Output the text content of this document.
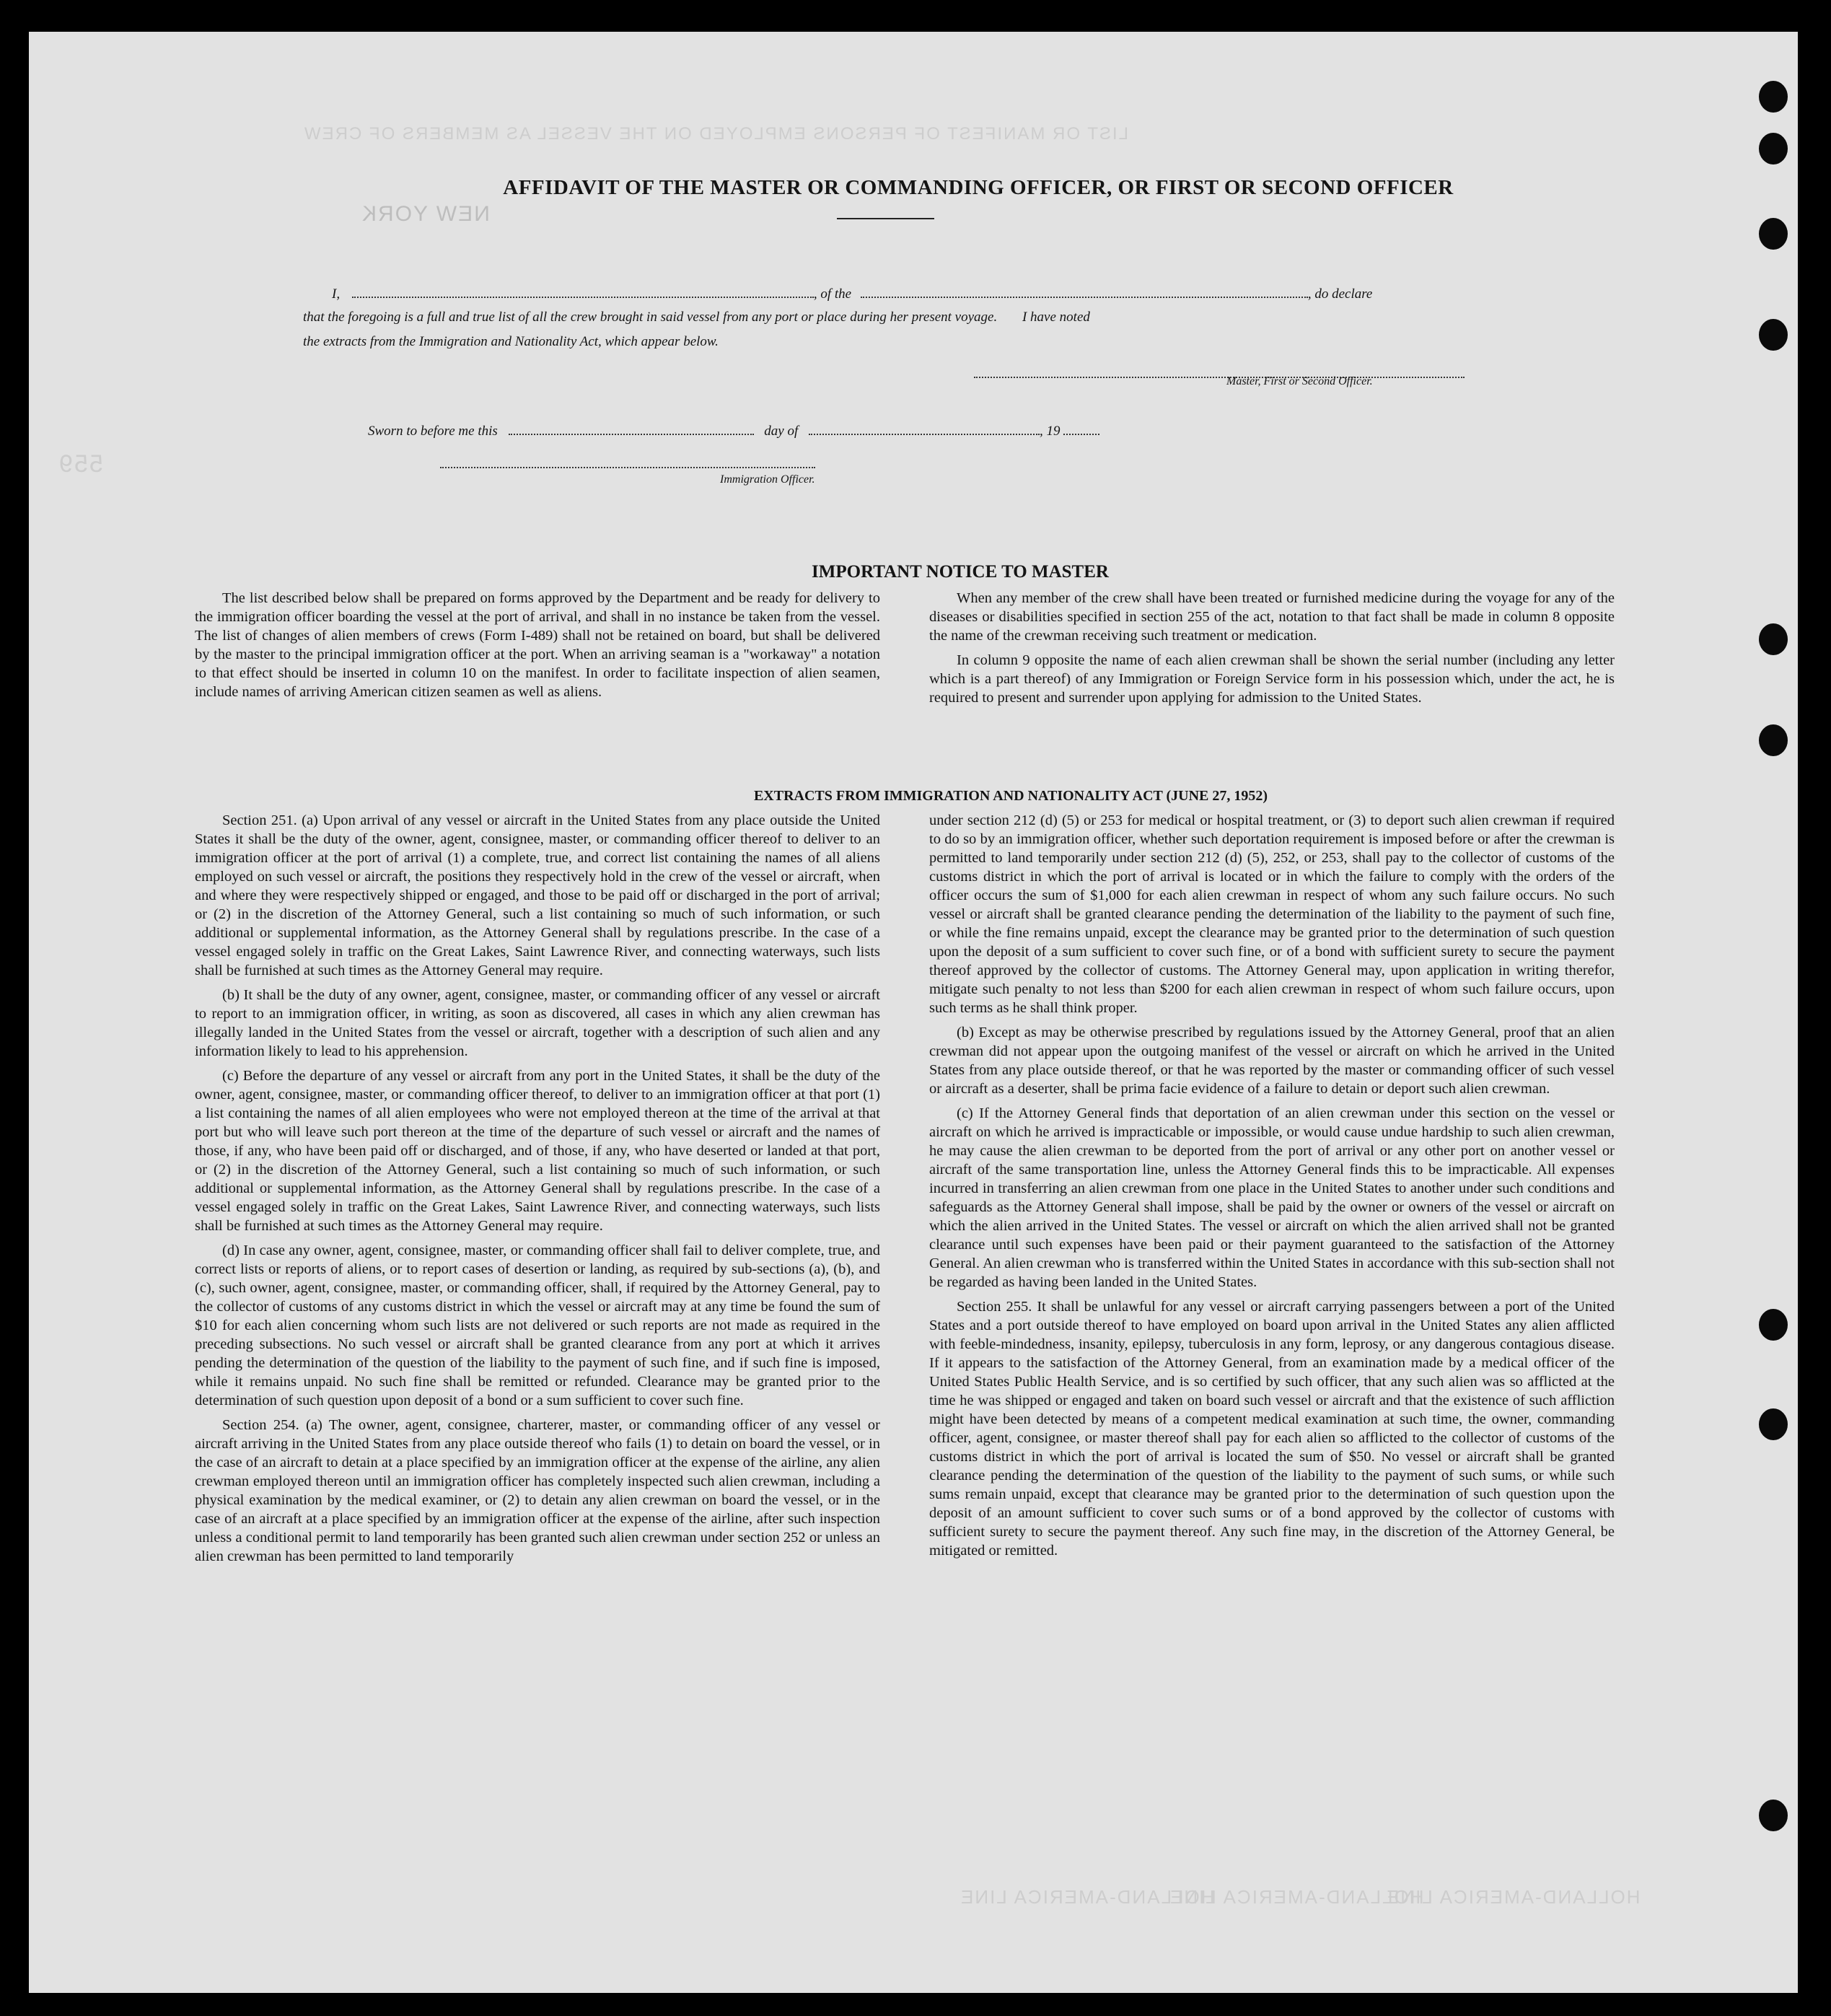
LIST OR MANIFEST OF PERSONS EMPLOYED ON THE VESSEL AS MEMBERS OF CREW
NEW YORK
559
HOLLAND-AMERICA LINE
HOLLAND-AMERICA LINE
HOLLAND-AMERICA LINE
AFFIDAVIT OF THE MASTER OR COMMANDING OFFICER, OR FIRST OR SECOND OFFICER
I,	, of the	, do declare
that the foregoing is a full and true list of all the crew brought in said vessel from any port or place during her present voyage. I have noted
the extracts from the Immigration and Nationality Act, which appear below.
Master, First or Second Officer.
Sworn to before me this	day of	, 19
Immigration Officer.
IMPORTANT NOTICE TO MASTER

The list described below shall be prepared on forms approved by the Department and be ready for delivery to the immigration officer boarding the vessel at the port of arrival, and shall in no instance be taken from the vessel. The list of changes of alien members of crews (Form I-489) shall not be retained on board, but shall be delivered by the master to the principal immigration officer at the port. When an arriving seaman is a "workaway" a notation to that effect should be inserted in column 10 on the manifest. In order to facilitate inspection of alien seamen, include names of arriving American citizen seamen as well as aliens.

When any member of the crew shall have been treated or furnished medicine during the voyage for any of the diseases or disabilities specified in section 255 of the act, notation to that fact shall be made in column 8 opposite the name of the crewman receiving such treatment or medication.

In column 9 opposite the name of each alien crewman shall be shown the serial number (including any letter which is a part thereof) of any Immigration or Foreign Service form in his possession which, under the act, he is required to present and surrender upon applying for admission to the United States.

EXTRACTS FROM IMMIGRATION AND NATIONALITY ACT (JUNE 27, 1952)

Section 251. (a) Upon arrival of any vessel or aircraft in the United States from any place outside the United States it shall be the duty of the owner, agent, consignee, master, or commanding officer thereof to deliver to an immigration officer at the port of arrival (1) a complete, true, and correct list containing the names of all aliens employed on such vessel or aircraft, the positions they respectively hold in the crew of the vessel or aircraft, when and where they were respectively shipped or engaged, and those to be paid off or discharged in the port of arrival; or (2) in the discretion of the Attorney General, such a list containing so much of such information, or such additional or supplemental information, as the Attorney General shall by regulations prescribe. In the case of a vessel engaged solely in traffic on the Great Lakes, Saint Lawrence River, and connecting waterways, such lists shall be furnished at such times as the Attorney General may require.

(b) It shall be the duty of any owner, agent, consignee, master, or commanding officer of any vessel or aircraft to report to an immigration officer, in writing, as soon as discovered, all cases in which any alien crewman has illegally landed in the United States from the vessel or aircraft, together with a description of such alien and any information likely to lead to his apprehension.

(c) Before the departure of any vessel or aircraft from any port in the United States, it shall be the duty of the owner, agent, consignee, master, or commanding officer thereof, to deliver to an immigration officer at that port (1) a list containing the names of all alien employees who were not employed thereon at the time of the arrival at that port but who will leave such port thereon at the time of the departure of such vessel or aircraft and the names of those, if any, who have been paid off or discharged, and of those, if any, who have deserted or landed at that port, or (2) in the discretion of the Attorney General, such a list containing so much of such information, or such additional or supplemental information, as the Attorney General shall by regulations prescribe. In the case of a vessel engaged solely in traffic on the Great Lakes, Saint Lawrence River, and connecting waterways, such lists shall be furnished at such times as the Attorney General may require.

(d) In case any owner, agent, consignee, master, or commanding officer shall fail to deliver complete, true, and correct lists or reports of aliens, or to report cases of desertion or landing, as required by sub-sections (a), (b), and (c), such owner, agent, consignee, master, or commanding officer, shall, if required by the Attorney General, pay to the collector of customs of any customs district in which the vessel or aircraft may at any time be found the sum of $10 for each alien concerning whom such lists are not delivered or such reports are not made as required in the preceding subsections. No such vessel or aircraft shall be granted clearance from any port at which it arrives pending the determination of the question of the liability to the payment of such fine, and if such fine is imposed, while it remains unpaid. No such fine shall be remitted or refunded. Clearance may be granted prior to the determination of such question upon deposit of a bond or a sum sufficient to cover such fine.

Section 254. (a) The owner, agent, consignee, charterer, master, or commanding officer of any vessel or aircraft arriving in the United States from any place outside thereof who fails (1) to detain on board the vessel, or in the case of an aircraft to detain at a place specified by an immigration officer at the expense of the airline, any alien crewman employed thereon until an immigration officer has completely inspected such alien crewman, including a physical examination by the medical examiner, or (2) to detain any alien crewman on board the vessel, or in the case of an aircraft at a place specified by an immigration officer at the expense of the airline, after such inspection unless a conditional permit to land temporarily has been granted such alien crewman under section 252 or unless an alien crewman has been permitted to land temporarily

under section 212 (d) (5) or 253 for medical or hospital treatment, or (3) to deport such alien crewman if required to do so by an immigration officer, whether such deportation requirement is imposed before or after the crewman is permitted to land temporarily under section 212 (d) (5), 252, or 253, shall pay to the collector of customs of the customs district in which the port of arrival is located or in which the failure to comply with the orders of the officer occurs the sum of $1,000 for each alien crewman in respect of whom any such failure occurs. No such vessel or aircraft shall be granted clearance pending the determination of the liability to the payment of such fine, or while the fine remains unpaid, except the clearance may be granted prior to the determination of such question upon the deposit of a sum sufficient to cover such fine, or of a bond with sufficient surety to secure the payment thereof approved by the collector of customs. The Attorney General may, upon application in writing therefor, mitigate such penalty to not less than $200 for each alien crewman in respect of whom such failure occurs, upon such terms as he shall think proper.

(b) Except as may be otherwise prescribed by regulations issued by the Attorney General, proof that an alien crewman did not appear upon the outgoing manifest of the vessel or aircraft on which he arrived in the United States from any place outside thereof, or that he was reported by the master or commanding officer of such vessel or aircraft as a deserter, shall be prima facie evidence of a failure to detain or deport such alien crewman.

(c) If the Attorney General finds that deportation of an alien crewman under this section on the vessel or aircraft on which he arrived is impracticable or impossible, or would cause undue hardship to such alien crewman, he may cause the alien crewman to be deported from the port of arrival or any other port on another vessel or aircraft of the same transportation line, unless the Attorney General finds this to be impracticable. All expenses incurred in transferring an alien crewman from one place in the United States to another under such conditions and safeguards as the Attorney General shall impose, shall be paid by the owner or owners of the vessel or aircraft on which the alien arrived in the United States. The vessel or aircraft on which the alien arrived shall not be granted clearance until such expenses have been paid or their payment guaranteed to the satisfaction of the Attorney General. An alien crewman who is transferred within the United States in accordance with this sub-section shall not be regarded as having been landed in the United States.

Section 255. It shall be unlawful for any vessel or aircraft carrying passengers between a port of the United States and a port outside thereof to have employed on board upon arrival in the United States any alien afflicted with feeble-mindedness, insanity, epilepsy, tuberculosis in any form, leprosy, or any dangerous contagious disease. If it appears to the satisfaction of the Attorney General, from an examination made by a medical officer of the United States Public Health Service, and is so certified by such officer, that any such alien was so afflicted at the time he was shipped or engaged and taken on board such vessel or aircraft and that the existence of such affliction might have been detected by means of a competent medical examination at such time, the owner, commanding officer, agent, consignee, or master thereof shall pay for each alien so afflicted to the collector of customs of the customs district in which the port of arrival is located the sum of $50. No vessel or aircraft shall be granted clearance pending the determination of the question of the liability to the payment of such sums, or while such sums remain unpaid, except that clearance may be granted prior to the determination of such question upon the deposit of an amount sufficient to cover such sums or of a bond approved by the collector of customs with sufficient surety to secure the payment thereof. Any such fine may, in the discretion of the Attorney General, be mitigated or remitted.
